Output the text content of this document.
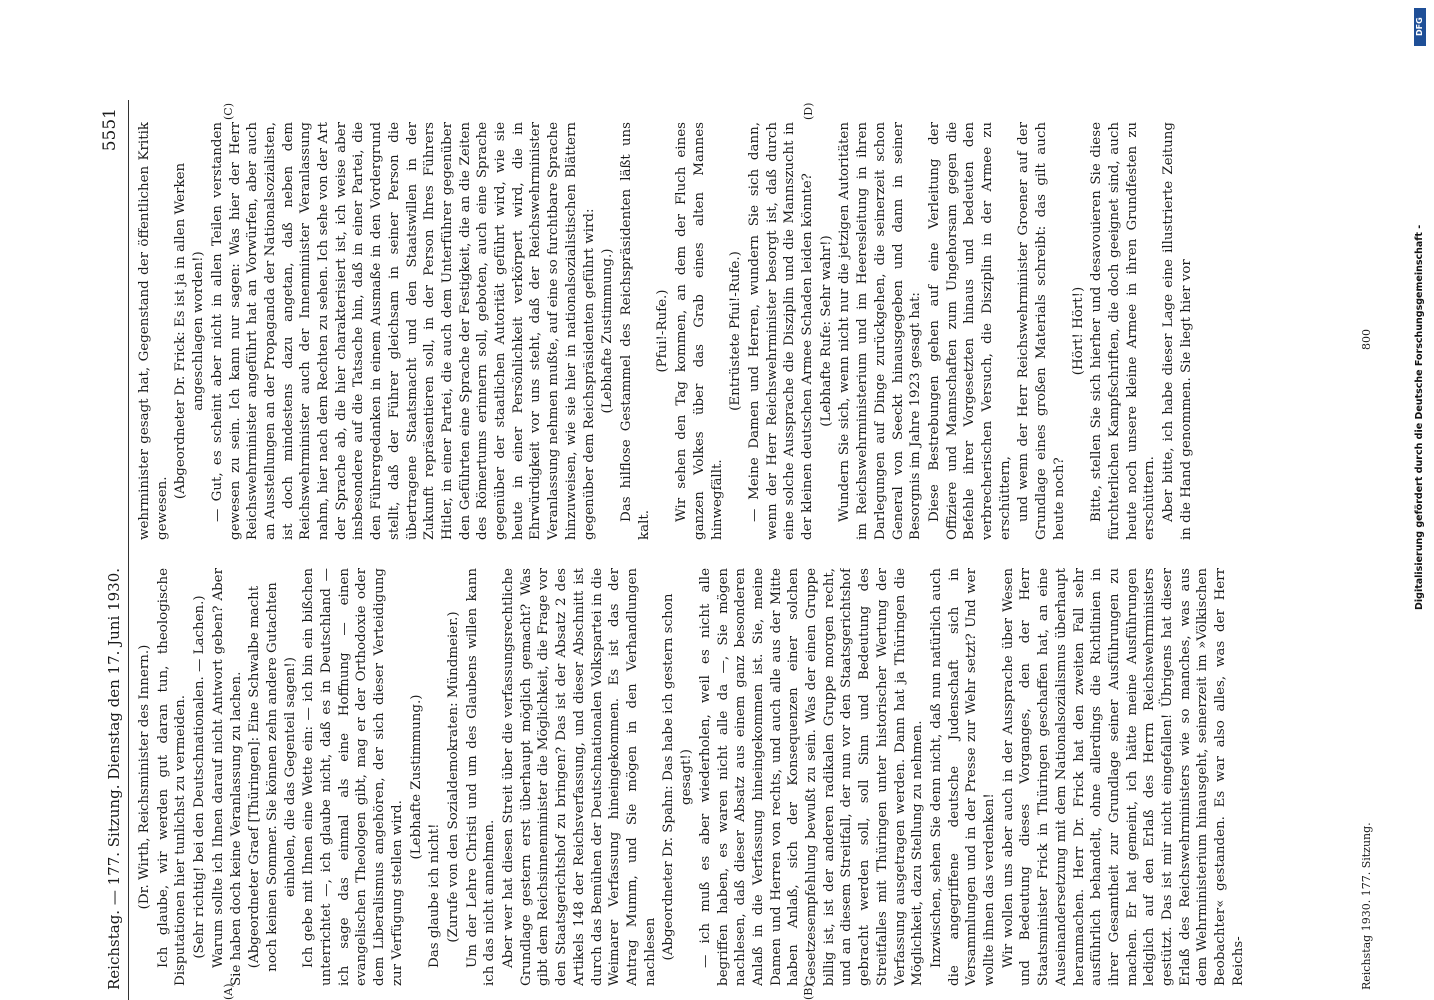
DFG
Digitalisierung gefördert durch die Deutsche Forschungsgemeinschaft -
Reichstag. — 177. Sitzung. Dienstag den 17. Juni 1930.
5551
(A)	(B)
(C)	(D)

(Dr. Wirth, Reichsminister des Innern.) Ich glaube, wir werden gut daran tun, theologische Disputationen hier tunlichst zu vermeiden. (Sehr richtig! bei den Deutschnationalen. — Lachen.) Warum sollte ich Ihnen darauf nicht Antwort geben? Aber Sie haben doch keine Veranlassung zu lachen. (Abgeordneter Graef [Thüringen]: Eine Schwalbe macht noch keinen Sommer. Sie können zehn andere Gutachten einholen, die das Gegenteil sagen!) Ich gebe mit Ihnen eine Wette ein: — ich bin ein bißchen unterrichtet —, ich glaube nicht, daß es in Deutschland — ich sage das einmal als eine Hoffnung — einen evangelischen Theologen gibt, mag er der Orthodoxie oder dem Liberalismus angehören, der sich dieser Verteidigung zur Verfügung stellen wird.

(Lebhafte Zustimmung.)

Das glaube ich nicht! (Zurufe von den Sozialdemokraten: Mündmeier.) Um der Lehre Christi und um des Glaubens willen kann ich das nicht annehmen. Aber wer hat diesen Streit über die verfassungsrechtliche Grundlage gestern erst überhaupt möglich gemacht? Was gibt dem Reichsinnenminister die Möglichkeit, die Frage vor den Staatsgerichtshof zu bringen? Das ist der Absatz 2 des Artikels 148 der Reichsverfassung, und dieser Abschnitt ist durch das Bemühen der Deutschnationalen Volkspartei in die Weimarer Verfassung hineingekommen. Es ist das der Antrag Mumm, und Sie mögen in den Verhandlungen nachlesen (Abgeordneter Dr. Spahn: Das habe ich gestern schon gesagt!) — ich muß es aber wiederholen, weil es nicht alle begriffen haben, es waren nicht alle da —, Sie mögen nachlesen, daß dieser Absatz aus einem ganz besonderen Anlaß in die Verfassung hineingekommen ist. Sie, meine Damen und Herren von rechts, und auch alle aus der Mitte haben Anlaß, sich der Konsequenzen einer solchen Gesetzesempfehlung bewußt zu sein. Was der einen Gruppe billig ist, ist der anderen radikalen Gruppe morgen recht, und an diesem Streitfall, der nun vor den Staatsgerichtshof gebracht werden soll, soll Sinn und Bedeutung des Streitfalles mit Thüringen unter historischer Wertung der Verfassung ausgetragen werden. Dann hat ja Thüringen die Möglichkeit, dazu Stellung zu nehmen. Inzwischen, sehen Sie denn nicht, daß nun natürlich auch die angegriffene deutsche Judenschaft sich in Versammlungen und in der Presse zur Wehr setzt? Und wer wollte ihnen das verdenken! Wir wollen uns aber auch in der Aussprache über Wesen und Bedeutung dieses Vorganges, den der Herr Staatsminister Frick in Thüringen geschaffen hat, an eine Auseinandersetzung mit dem Nationalsozialismus überhaupt heranmachen. Herr Dr. Frick hat den zweiten Fall sehr ausführlich behandelt, ohne allerdings die Richtlinien in ihrer Gesamtheit zur Grundlage seiner Ausführungen zu machen. Er hat gemeint, ich hätte meine Ausführungen lediglich auf den Erlaß des Herrn Reichswehrministers gestützt. Das ist mir nicht eingefallen! Übrigens hat dieser Erlaß des Reichswehrministers wie so manches, was aus dem Wehrministerium hinausgeht, seinerzeit im »Völkischen Beobachter« gestanden. Es war also alles, was der Herr Reichs-

wehrminister gesagt hat, Gegenstand der öffentlichen Kritik gewesen.

(Abgeordneter Dr. Frick: Es ist ja in allen Werken angeschlagen worden!) — Gut, es scheint aber nicht in allen Teilen verstanden gewesen zu sein. Ich kann nur sagen: Was hier der Herr Reichswehrminister angeführt hat an Vorwürfen, aber auch an Ausstellungen an der Propaganda der Nationalsozialisten, ist doch mindestens dazu angetan, daß neben dem Reichswehrminister auch der Innenminister Veranlassung nahm, hier nach dem Rechten zu sehen. Ich sehe von der Art der Sprache ab, die hier charakterisiert ist, ich weise aber insbesondere auf die Tatsache hin, daß in einer Partei, die den Führergedanken in einem Ausmaße in den Vordergrund stellt, daß der Führer gleichsam in seiner Person die übertragene Staatsmacht und den Staatswillen in der Zukunft repräsentieren soll, in der Person Ihres Führers Hitler, in einer Partei, die auch dem Unterführer gegenüber den Geführten eine Sprache der Festigkeit, die an die Zeiten des Römertums erinnern soll, geboten, auch eine Sprache gegenüber der staatlichen Autorität geführt wird, wie sie heute in einer Persönlichkeit verkörpert wird, die in Ehrwürdigkeit vor uns steht, daß der Reichswehrminister Veranlassung nehmen mußte, auf eine so furchtbare Sprache hinzuweisen, wie sie hier in nationalsozialistischen Blättern gegenüber dem Reichspräsidenten geführt wird: (Lebhafte Zustimmung.) Das hilflose Gestammel des Reichspräsidenten läßt uns kalt.

(Pfui!-Rufe.) Wir sehen den Tag kommen, an dem der Fluch eines ganzen Volkes über das Grab eines alten Mannes hinwegfällt.

(Entrüstete Pfui!-Rufe.) — Meine Damen und Herren, wundern Sie sich dann, wenn der Herr Reichswehrminister besorgt ist, daß durch eine solche Aussprache die Disziplin und die Mannszucht in der kleinen deutschen Armee Schaden leiden könnte? (Lebhafte Rufe: Sehr wahr!) Wundern Sie sich, wenn nicht nur die jetzigen Autoritäten im Reichswehrministerium und im Heeresleitung in ihren Darlegungen auf Dinge zurückgehen, die seinerzeit schon General von Seeckt hinausgegeben und dann in seiner Besorgnis im Jahre 1923 gesagt hat: Diese Bestrebungen gehen auf eine Verleitung der Offiziere und Mannschaften zum Ungehorsam gegen die Befehle ihrer Vorgesetzten hinaus und bedeuten den verbrecherischen Versuch, die Disziplin in der Armee zu erschüttern, und wenn der Herr Reichswehrminister Groener auf der Grundlage eines großen Materials schreibt: das gilt auch heute noch?

(Hört! Hört!) Bitte, stellen Sie sich hierher und desavouieren Sie diese fürchterlichen Kampfschriften, die doch geeignet sind, auch heute noch unsere kleine Armee in ihren Grundfesten zu erschüttern. Aber bitte, ich habe dieser Lage eine illustrierte Zeitung in die Hand genommen. Sie liegt hier vor

Reichstag 1930. 177. Sitzung.
800
